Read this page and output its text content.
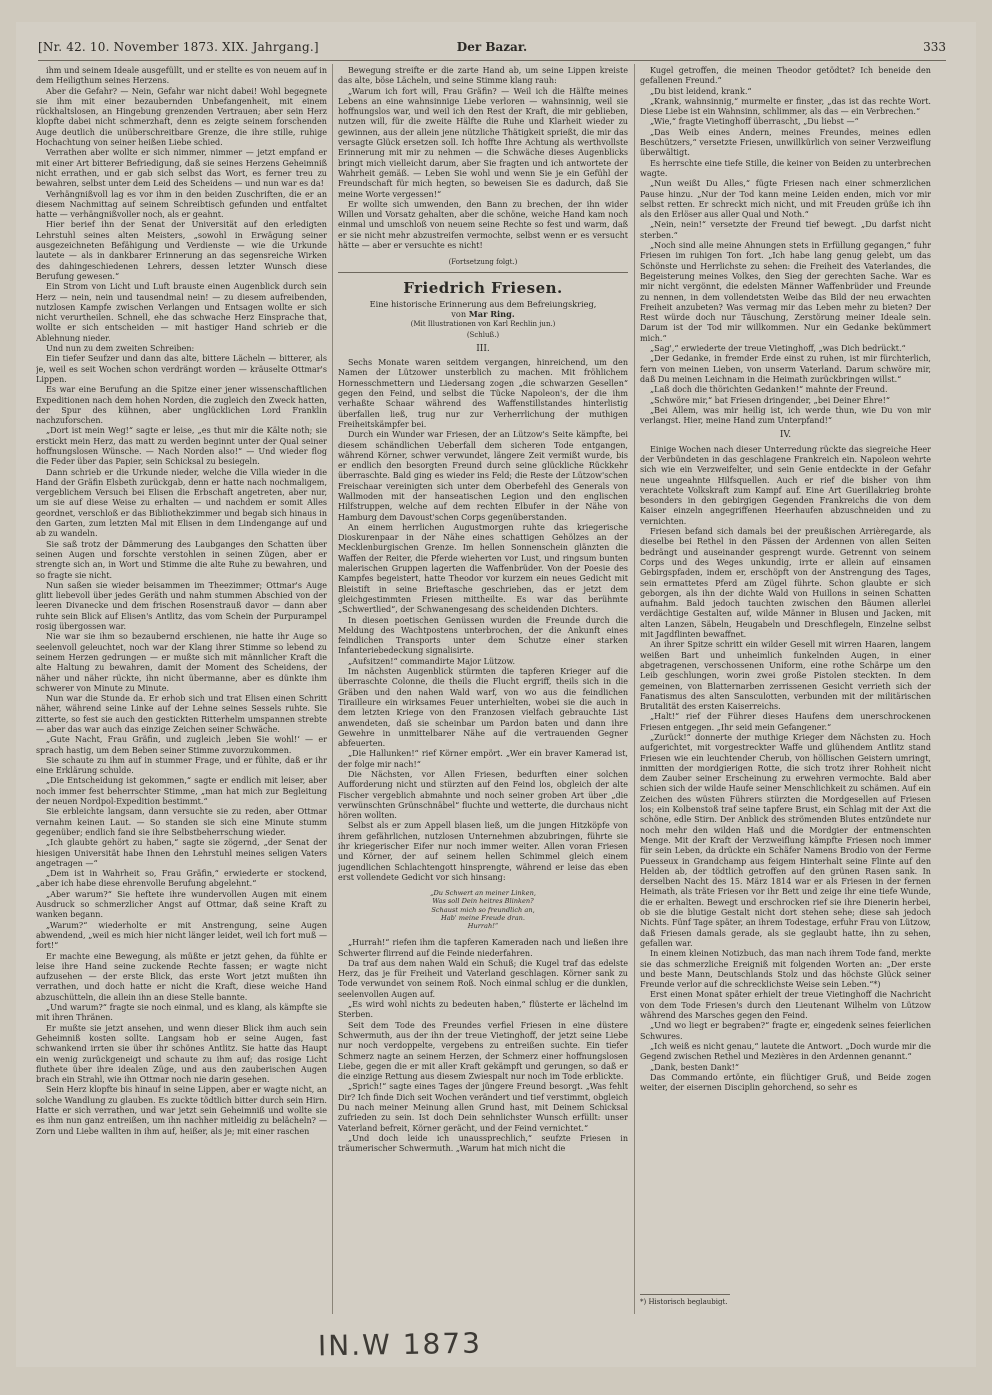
[Nr. 42. 10. November 1873. XIX. Jahrgang.]	Der Bazar.	333

ihm und seinem Ideale ausgefüllt, und er stellte es von neuem auf in dem Heiligthum seines Herzens.

Aber die Gefahr? — Nein, Gefahr war nicht dabei! Wohl begegnete sie ihm mit einer bezaubernden Unbefangenheit, mit einem rückhaltslosen, an Hingebung grenzenden Vertrauen; aber sein Herz klopfte dabei nicht schmerzhaft, denn es zeigte seinem forschenden Auge deutlich die unüberschreitbare Grenze, die ihre stille, ruhige Hochachtung von seiner heißen Liebe schied.

Verrathen aber wollte er sich nimmer, nimmer — jetzt empfand er mit einer Art bitterer Befriedigung, daß sie seines Herzens Geheimniß nicht errathen, und er gab sich selbst das Wort, es ferner treu zu bewahren, selbst unter dem Leid des Scheidens — und nun war es da!

Verhängnißvoll lag es vor ihm in den beiden Zuschriften, die er an diesem Nachmittag auf seinem Schreibtisch gefunden und entfaltet hatte — verhängnißvoller noch, als er geahnt.

Hier berief ihn der Senat der Universität auf den erledigten Lehrstuhl seines alten Meisters, „sowohl in Erwägung seiner ausgezeichneten Befähigung und Verdienste — wie die Urkunde lautete — als in dankbarer Erinnerung an das segensreiche Wirken des dahingeschiedenen Lehrers, dessen letzter Wunsch diese Berufung gewesen.“

Ein Strom von Licht und Luft brauste einen Augenblick durch sein Herz — nein, nein und tausendmal nein! — zu diesem aufreibenden, nutzlosen Kampfe zwischen Verlangen und Entsagen wollte er sich nicht verurtheilen. Schnell, ehe das schwache Herz Einsprache that, wollte er sich entscheiden — mit hastiger Hand schrieb er die Ablehnung nieder.

Und nun zu dem zweiten Schreiben:

Ein tiefer Seufzer und dann das alte, bittere Lächeln — bitterer, als je, weil es seit Wochen schon verdrängt worden — kräuselte Ottmar's Lippen.

Es war eine Berufung an die Spitze einer jener wissenschaftlichen Expeditionen nach dem hohen Norden, die zugleich den Zweck hatten, der Spur des kühnen, aber unglücklichen Lord Franklin nachzuforschen.

„Dort ist mein Weg!“ sagte er leise, „es thut mir die Kälte noth; sie erstickt mein Herz, das matt zu werden beginnt unter der Qual seiner hoffnungslosen Wünsche. — Nach Norden also!“ — Und wieder flog die Feder über das Papier, sein Schicksal zu besiegeln.

Dann schrieb er die Urkunde nieder, welche die Villa wieder in die Hand der Gräfin Elsbeth zurückgab, denn er hatte nach nochmaligem, vergeblichem Versuch bei Elisen die Erbschaft angetreten, aber nur, um sie auf diese Weise zu erhalten — und nachdem er somit Alles geordnet, verschloß er das Bibliothekzimmer und begab sich hinaus in den Garten, zum letzten Mal mit Elisen in dem Lindengange auf und ab zu wandeln.

Sie saß trotz der Dämmerung des Laubganges den Schatten über seinen Augen und forschte verstohlen in seinen Zügen, aber er strengte sich an, in Wort und Stimme die alte Ruhe zu bewahren, und so fragte sie nicht.

Nun saßen sie wieder beisammen im Theezimmer; Ottmar's Auge glitt liebevoll über jedes Geräth und nahm stummen Abschied von der leeren Divanecke und dem frischen Rosenstrauß davor — dann aber ruhte sein Blick auf Elisen's Antlitz, das vom Schein der Purpurampel rosig übergossen war.

Nie war sie ihm so bezaubernd erschienen, nie hatte ihr Auge so seelenvoll geleuchtet, noch war der Klang ihrer Stimme so lebend zu seinem Herzen gedrungen — er mußte sich mit männlicher Kraft die alte Haltung zu bewahren, damit der Moment des Scheidens, der näher und näher rückte, ihn nicht übermanne, aber es dünkte ihm schwerer von Minute zu Minute.

Nun war die Stunde da. Er erhob sich und trat Elisen einen Schritt näher, während seine Linke auf der Lehne seines Sessels ruhte. Sie zitterte, so fest sie auch den gestickten Ritterhelm umspannen strebte — aber das war auch das einzige Zeichen seiner Schwäche.

„Gute Nacht, Frau Gräfin, und zugleich ‚leben Sie wohl!‘ — er sprach hastig, um dem Beben seiner Stimme zuvorzukommen.

Sie schaute zu ihm auf in stummer Frage, und er fühlte, daß er ihr eine Erklärung schulde.

„Die Entscheidung ist gekommen,“ sagte er endlich mit leiser, aber noch immer fest beherrschter Stimme, „man hat mich zur Begleitung der neuen Nordpol-Expedition bestimmt.“

Sie erbleichte langsam, dann versuchte sie zu reden, aber Ottmar vernahm keinen Laut. — So standen sie sich eine Minute stumm gegenüber; endlich fand sie ihre Selbstbeherrschung wieder.

„Ich glaubte gehört zu haben,“ sagte sie zögernd, „der Senat der hiesigen Universität habe Ihnen den Lehrstuhl meines seligen Vaters angetragen —“

„Dem ist in Wahrheit so, Frau Gräfin,“ erwiederte er stockend, „aber ich habe diese ehrenvolle Berufung abgelehnt.“

„Aber warum?“ Sie heftete ihre wundervollen Augen mit einem Ausdruck so schmerzlicher Angst auf Ottmar, daß seine Kraft zu wanken begann.

„Warum?“ wiederholte er mit Anstrengung, seine Augen abwendend, „weil es mich hier nicht länger leidet, weil ich fort muß — fort!“

Er machte eine Bewegung, als müßte er jetzt gehen, da fühlte er leise ihre Hand seine zuckende Rechte fassen; er wagte nicht aufzusehen — der erste Blick, das erste Wort jetzt mußten ihn verrathen, und doch hatte er nicht die Kraft, diese weiche Hand abzuschütteln, die allein ihn an diese Stelle bannte.

„Und warum?“ fragte sie noch einmal, und es klang, als kämpfte sie mit ihren Thränen.

Er mußte sie jetzt ansehen, und wenn dieser Blick ihm auch sein Geheimniß kosten sollte. Langsam hob er seine Augen, fast schwankend irrten sie über ihr schönes Antlitz. Sie hatte das Haupt ein wenig zurückgeneigt und schaute zu ihm auf; das rosige Licht fluthete über ihre idealen Züge, und aus den zauberischen Augen brach ein Strahl, wie ihn Ottmar noch nie darin gesehen.

Sein Herz klopfte bis hinauf in seine Lippen, aber er wagte nicht, an solche Wandlung zu glauben. Es zuckte tödtlich bitter durch sein Hirn. Hatte er sich verrathen, und war jetzt sein Geheimniß und wollte sie es ihm nun ganz entreißen, um ihn nachher mitleidig zu belächeln? — Zorn und Liebe wallten in ihm auf, heißer, als je; mit einer raschen

Bewegung streifte er die zarte Hand ab, um seine Lippen kreiste das alte, böse Lächeln, und seine Stimme klang rauh:

„Warum ich fort will, Frau Gräfin? — Weil ich die Hälfte meines Lebens an eine wahnsinnige Liebe verloren — wahnsinnig, weil sie hoffnungslos war, und weil ich den Rest der Kraft, die mir geblieben, nutzen will, für die zweite Hälfte die Ruhe und Klarheit wieder zu gewinnen, aus der allein jene nützliche Thätigkeit sprießt, die mir das versagte Glück ersetzen soll. Ich hoffte Ihre Achtung als werthvollste Erinnerung mit mir zu nehmen — die Schwäche dieses Augenblicks bringt mich vielleicht darum, aber Sie fragten und ich antwortete der Wahrheit gemäß. — Leben Sie wohl und wenn Sie je ein Gefühl der Freundschaft für mich hegten, so beweisen Sie es dadurch, daß Sie meine Worte vergessen!“

Er wollte sich umwenden, den Bann zu brechen, der ihn wider Willen und Vorsatz gehalten, aber die schöne, weiche Hand kam noch einmal und umschloß von neuem seine Rechte so fest und warm, daß er sie nicht mehr abzustreifen vermochte, selbst wenn er es versucht hätte — aber er versuchte es nicht!

(Fortsetzung folgt.)

Friedrich Friesen.

Eine historische Erinnerung aus dem Befreiungskrieg,

von Mar Ring.

(Mit Illustrationen von Karl Rechlin jun.)

(Schluß.)

III.

Sechs Monate waren seitdem vergangen, hinreichend, um den Namen der Lützower unsterblich zu machen. Mit fröhlichem Hornesschmettern und Liedersang zogen „die schwarzen Gesellen“ gegen den Feind, und selbst die Tücke Napoleon's, der die ihm verhaßte Schaar während des Waffenstillstandes hinterlistig überfallen ließ, trug nur zur Verherrlichung der muthigen Freiheitskämpfer bei.

Durch ein Wunder war Friesen, der an Lützow's Seite kämpfte, bei diesem schändlichen Ueberfall dem sicheren Tode entgangen, während Körner, schwer verwundet, längere Zeit vermißt wurde, bis er endlich den besorgten Freund durch seine glückliche Rückkehr überraschte. Bald ging es wieder ins Feld; die Reste der Lützow'schen Freischaar vereinigten sich unter dem Oberbefehl des Generals von Wallmoden mit der hanseatischen Legion und den englischen Hilfstruppen, welche auf dem rechten Elbufer in der Nähe von Hamburg dem Davoust'schen Corps gegenüberstanden.

An einem herrlichen Augustmorgen ruhte das kriegerische Dioskurenpaar in der Nähe eines schattigen Gehölzes an der Mecklenburgischen Grenze. Im hellen Sonnenschein glänzten die Waffen der Reiter, die Pferde wieherten vor Lust, und ringsum bunten malerischen Gruppen lagerten die Waffenbrüder. Von der Poesie des Kampfes begeistert, hatte Theodor vor kurzem ein neues Gedicht mit Bleistift in seine Brieftasche geschrieben, das er jetzt dem gleichgestimmten Friesen mittheilte. Es war das berühmte „Schwertlied“, der Schwanengesang des scheidenden Dichters.

In diesen poetischen Genüssen wurden die Freunde durch die Meldung des Wachtpostens unterbrochen, der die Ankunft eines feindlichen Transports unter dem Schutze einer starken Infanteriebedeckung signalisirte.

„Aufsitzen!“ commandirte Major Lützow.

Im nächsten Augenblick stürmten die tapferen Krieger auf die überraschte Colonne, die theils die Flucht ergriff, theils sich in die Gräben und den nahen Wald warf, von wo aus die feindlichen Tirailleure ein wirksames Feuer unterhielten, wobei sie die auch in dem letzten Kriege von den Franzosen vielfach gebrauchte List anwendeten, daß sie scheinbar um Pardon baten und dann ihre Gewehre in unmittelbarer Nähe auf die vertrauenden Gegner abfeuerten.

„Die Hallunken!“ rief Körner empört. „Wer ein braver Kamerad ist, der folge mir nach!“

Die Nächsten, vor Allen Friesen, bedurften einer solchen Aufforderung nicht und stürzten auf den Feind los, obgleich der alte Fischer vergeblich abmahnte und noch seiner groben Art über „die verwünschten Grünschnäbel“ fluchte und wetterte, die durchaus nicht hören wollten.

Selbst als er zum Appell blasen ließ, um die jungen Hitzköpfe von ihrem gefährlichen, nutzlosen Unternehmen abzubringen, führte sie ihr kriegerischer Eifer nur noch immer weiter. Allen voran Friesen und Körner, der auf seinem hellen Schimmel gleich einem jugendlichen Schlachtengott hinsprengte, während er leise das eben erst vollendete Gedicht vor sich hinsang:

„Du Schwert an meiner Linken,
Was soll Dein heitres Blinken?
Schaust mich so freundlich an,
Hab' meine Freude dran.
Hurrah!“

„Hurrah!“ riefen ihm die tapferen Kameraden nach und ließen ihre Schwerter flirrend auf die Feinde niederfahren.

Da traf aus dem nahen Wald ein Schuß; die Kugel traf das edelste Herz, das je für Freiheit und Vaterland geschlagen. Körner sank zu Tode verwundet von seinem Roß. Noch einmal schlug er die dunklen, seelenvollen Augen auf.

„Es wird wohl nichts zu bedeuten haben,“ flüsterte er lächelnd im Sterben.

Seit dem Tode des Freundes verfiel Friesen in eine düstere Schwermuth, aus der ihn der treue Vietinghoff, der jetzt seine Liebe nur noch verdoppelte, vergebens zu entreißen suchte. Ein tiefer Schmerz nagte an seinem Herzen, der Schmerz einer hoffnungslosen Liebe, gegen die er mit aller Kraft gekämpft und gerungen, so daß er die einzige Rettung aus diesem Zwiespalt nur noch im Tode erblickte.

„Sprich!“ sagte eines Tages der jüngere Freund besorgt. „Was fehlt Dir? Ich finde Dich seit Wochen verändert und tief verstimmt, obgleich Du nach meiner Meinung allen Grund hast, mit Deinem Schicksal zufrieden zu sein. Ist doch Dein sehnlichster Wunsch erfüllt: unser Vaterland befreit, Körner gerächt, und der Feind vernichtet.“

„Und doch leide ich unaussprechlich,“ seufzte Friesen in träumerischer Schwermuth. „Warum hat mich nicht die

Kugel getroffen, die meinen Theodor getödtet? Ich beneide den gefallenen Freund.“

„Du bist leidend, krank.“

„Krank, wahnsinnig,“ murmelte er finster, „das ist das rechte Wort. Diese Liebe ist ein Wahnsinn, schlimmer, als das — ein Verbrechen.“

„Wie,“ fragte Vietinghoff überrascht, „Du liebst —“

„Das Weib eines Andern, meines Freundes, meines edlen Beschützers,“ versetzte Friesen, unwillkürlich von seiner Verzweiflung überwältigt.

Es herrschte eine tiefe Stille, die keiner von Beiden zu unterbrechen wagte.

„Nun weißt Du Alles,“ fügte Friesen nach einer schmerzlichen Pause hinzu. „Nur der Tod kann meine Leiden enden, mich vor mir selbst retten. Er schreckt mich nicht, und mit Freuden grüße ich ihn als den Erlöser aus aller Qual und Noth.“

„Nein, nein!“ versetzte der Freund tief bewegt. „Du darfst nicht sterben.“

„Noch sind alle meine Ahnungen stets in Erfüllung gegangen,“ fuhr Friesen im ruhigen Ton fort. „Ich habe lang genug gelebt, um das Schönste und Herrlichste zu sehen: die Freiheit des Vaterlandes, die Begeisterung meines Volkes, den Sieg der gerechten Sache. War es mir nicht vergönnt, die edelsten Männer Waffenbrüder und Freunde zu nennen, in dem vollendetsten Weibe das Bild der neu erwachten Freiheit anzubeten? Was vermag mir das Leben mehr zu bieten? Der Rest würde doch nur Täuschung, Zerstörung meiner Ideale sein. Darum ist der Tod mir willkommen. Nur ein Gedanke bekümmert mich.“

„Sag',“ erwiederte der treue Vietinghoff, „was Dich bedrückt.“

„Der Gedanke, in fremder Erde einst zu ruhen, ist mir fürchterlich, fern von meinen Lieben, von unserm Vaterland. Darum schwöre mir, daß Du meinen Leichnam in die Heimath zurückbringen willst.“

„Laß doch die thörichten Gedanken!“ mahnte der Freund.

„Schwöre mir,“ bat Friesen dringender, „bei Deiner Ehre!“

„Bei Allem, was mir heilig ist, ich werde thun, wie Du von mir verlangst. Hier, meine Hand zum Unterpfand!“

IV.

Einige Wochen nach dieser Unterredung rückte das siegreiche Heer der Verbündeten in das geschlagene Frankreich ein. Napoleon wehrte sich wie ein Verzweifelter, und sein Genie entdeckte in der Gefahr neue ungeahnte Hilfsquellen. Auch er rief die bisher von ihm verachtete Volkskraft zum Kampf auf. Eine Art Guerillakrieg brohte besonders in den gebirgigen Gegenden Frankreichs die von dem Kaiser einzeln angegriffenen Heerhaufen abzuschneiden und zu vernichten.

Friesen befand sich damals bei der preußischen Arrièregarde, als dieselbe bei Rethel in den Pässen der Ardennen von allen Seiten bedrängt und auseinander gesprengt wurde. Getrennt von seinem Corps und des Weges unkundig, irrte er allein auf einsamen Gebirgspfaden, indem er, erschöpft von der Anstrengung des Tages, sein ermattetes Pferd am Zügel führte. Schon glaubte er sich geborgen, als ihn der dichte Wald von Huillons in seinen Schatten aufnahm. Bald jedoch tauchten zwischen den Bäumen allerlei verdächtige Gestalten auf, wilde Männer in Blusen und Jacken, mit alten Lanzen, Säbeln, Heugabeln und Dreschflegeln, Einzelne selbst mit Jagdflinten bewaffnet.

An ihrer Spitze schritt ein wilder Gesell mit wirren Haaren, langem weißen Bart und unheimlich funkelnden Augen, in einer abgetragenen, verschossenen Uniform, eine rothe Schärpe um den Leib geschlungen, worin zwei große Pistolen steckten. In dem gemeinen, von Blatternarben zerrissenen Gesicht verrieth sich der Fanatismus des alten Sansculotten, verbunden mit der militärischen Brutalität des ersten Kaiserreichs.

„Halt!“ rief der Führer dieses Haufens dem unerschrockenen Friesen entgegen. „Ihr seid mein Gefangener.“

„Zurück!“ donnerte der muthige Krieger dem Nächsten zu. Hoch aufgerichtet, mit vorgestreckter Waffe und glühendem Antlitz stand Friesen wie ein leuchtender Cherub, von höllischen Geistern umringt, inmitten der mordgierigen Rotte, die sich trotz ihrer Rohheit nicht dem Zauber seiner Erscheinung zu erwehren vermochte. Bald aber schien sich der wilde Haufe seiner Menschlichkeit zu schämen. Auf ein Zeichen des wüsten Führers stürzten die Mordgesellen auf Friesen los; ein Kolbenstoß traf seine tapfere Brust, ein Schlag mit der Axt die schöne, edle Stirn. Der Anblick des strömenden Blutes entzündete nur noch mehr den wilden Haß und die Mordgier der entmenschten Menge. Mit der Kraft der Verzweiflung kämpfte Friesen noch immer für sein Leben, da drückte ein Schäfer Namens Brodio von der Ferme Puesseux in Grandchamp aus feigem Hinterhalt seine Flinte auf den Helden ab, der tödtlich getroffen auf den grünen Rasen sank. In derselben Nacht des 15. März 1814 war er als Friesen in der fernen Heimath, als träte Friesen vor ihr Bett und zeige ihr eine tiefe Wunde, die er erhalten. Bewegt und erschrocken rief sie ihre Dienerin herbei, ob sie die blutige Gestalt nicht dort stehen sehe; diese sah jedoch Nichts. Fünf Tage später, an ihrem Todestage, erfuhr Frau von Lützow, daß Friesen damals gerade, als sie geglaubt hatte, ihn zu sehen, gefallen war.

In einem kleinen Notizbuch, das man nach ihrem Tode fand, merkte sie das schmerzliche Ereigniß mit folgenden Worten an: „Der erste und beste Mann, Deutschlands Stolz und das höchste Glück seiner Freunde verlor auf die schrecklichste Weise sein Leben.“*)

Erst einen Monat später erhielt der treue Vietinghoff die Nachricht von dem Tode Friesen's durch den Lieutenant Wilhelm von Lützow während des Marsches gegen den Feind.

„Und wo liegt er begraben?“ fragte er, eingedenk seines feierlichen Schwures.

„Ich weiß es nicht genau,“ lautete die Antwort. „Doch wurde mir die Gegend zwischen Rethel und Mezières in den Ardennen genannt.“

„Dank, besten Dank!“

Das Commando ertönte, ein flüchtiger Gruß, und Beide zogen weiter, der eisernen Disciplin gehorchend, so sehr es

*) Historisch beglaubigt.

IN.W 1873
